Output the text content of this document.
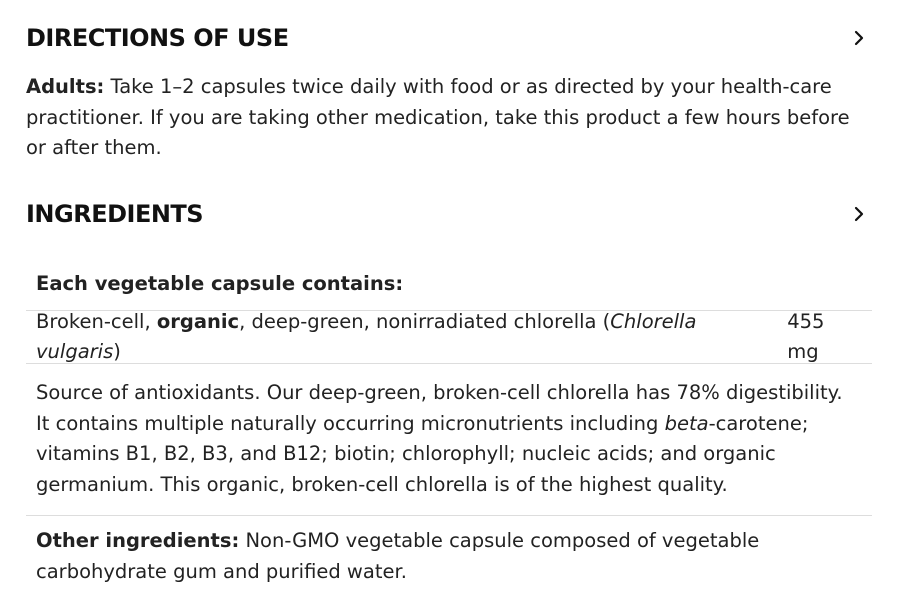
DIRECTIONS OF USE

Adults: Take 1–2 capsules twice daily with food or as directed by your health-care practitioner. If you are taking other medication, take this product a few hours before or after them.

INGREDIENTS
Each vegetable capsule contains:
Broken-cell, organic, deep-green, nonirradiated chlorella (Chlorella vulgaris)
455 mg

Source of antioxidants. Our deep-green, broken-cell chlorella has 78% digestibility. It contains multiple naturally occurring micronutrients including beta-carotene; vitamins B1, B2, B3, and B12; biotin; chlorophyll; nucleic acids; and organic germanium. This organic, broken-cell chlorella is of the highest quality.

Other ingredients: Non-GMO vegetable capsule composed of vegetable carbohydrate gum and purified water.
